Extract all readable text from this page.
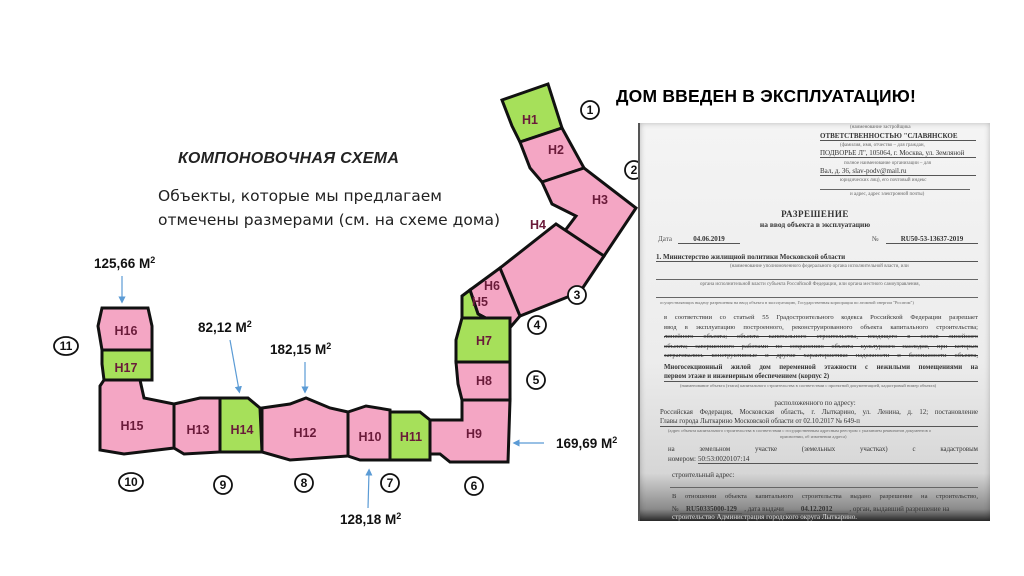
КОМПОНОВОЧНАЯ СХЕМА
Объекты, которые мы предлагаем
отмечены размерами (см. на схеме дома)
Н1
Н2
Н3
Н4
Н6
Н5
Н7
Н8
Н9
Н11
Н10
Н12
Н14
Н13
Н15
Н17
Н16
1
2
3
4
5
6
7
8
9
10
11
125,66 $М^2$
82,12 $М^2$
182,15 $М^2$
128,18 $М^2$
169,69 $М^2$
ДОМ ВВЕДЕН В ЭКСПЛУАТАЦИЮ!
(наименование застройщика
ОТВЕТСТВЕННОСТЬЮ "СЛАВЯНСКОЕ
(фамилия, имя, отчество – для граждан,
ПОДВОРЬЕ Л", 105064, г. Москва, ул. Земляной
полное наименование организации – для
Вал, д. 36, slav-podv@mail.ru
юридических лиц), его почтовый индекс
и адрес, адрес электронной почты)
РАЗРЕШЕНИЕ
на ввод объекта в эксплуатацию
Дата	04.06.2019	№	RU50-53-13637-2019
1. Министерство жилищной политики Московской области
(наименование уполномоченного федерального органа исполнительной власти, или
органа исполнительной власти субъекта Российской Федерации, или органа местного самоуправления,
осуществляющих выдачу разрешения на ввод объекта в эксплуатацию, Государственная корпорация по атомной энергии "Росатом")
в соответствии со статьей 55 Градостроительного кодекса Российской Федерации разрешает
ввод в эксплуатацию построенного, реконструированного объекта капитального строительства;
линейного объекта; объекта капитального строительства, входящего в состав линейного
объекта; завершенного работами по сохранению объекта культурного наследия, при которых
затрагивались конструктивные и другие характеристики надежности и безопасности объекта,
Многосекционный жилой дом переменной этажности с нежилыми помещениями на
первом этаже и инженерным обеспечением (корпус 2)
(наименование объекта (этапа) капитального строительства в соответствии с проектной документацией, кадастровый номер объекта)
расположенного по адресу:
Российская Федерация, Московская область, г. Лыткарино, ул. Ленина, д. 12; постановление
Главы города Лыткарино Московской области от 02.10.2017 № 649-п
(адрес объекта капитального строительства в соответствии с государственным адресным реестром с указанием реквизитов документов о
присвоении, об изменении адреса)
на земельном участке (земельных участках) с кадастровым
номером: 50:53:0020107:14
строительный адрес:
В отношении объекта капитального строительства выдано разрешение на строительство,
№ RU50335000-129 , дата выдачи 04.12.2012 , орган, выдавший разрешение на
строительство Администрация городского округа Лыткарино.
